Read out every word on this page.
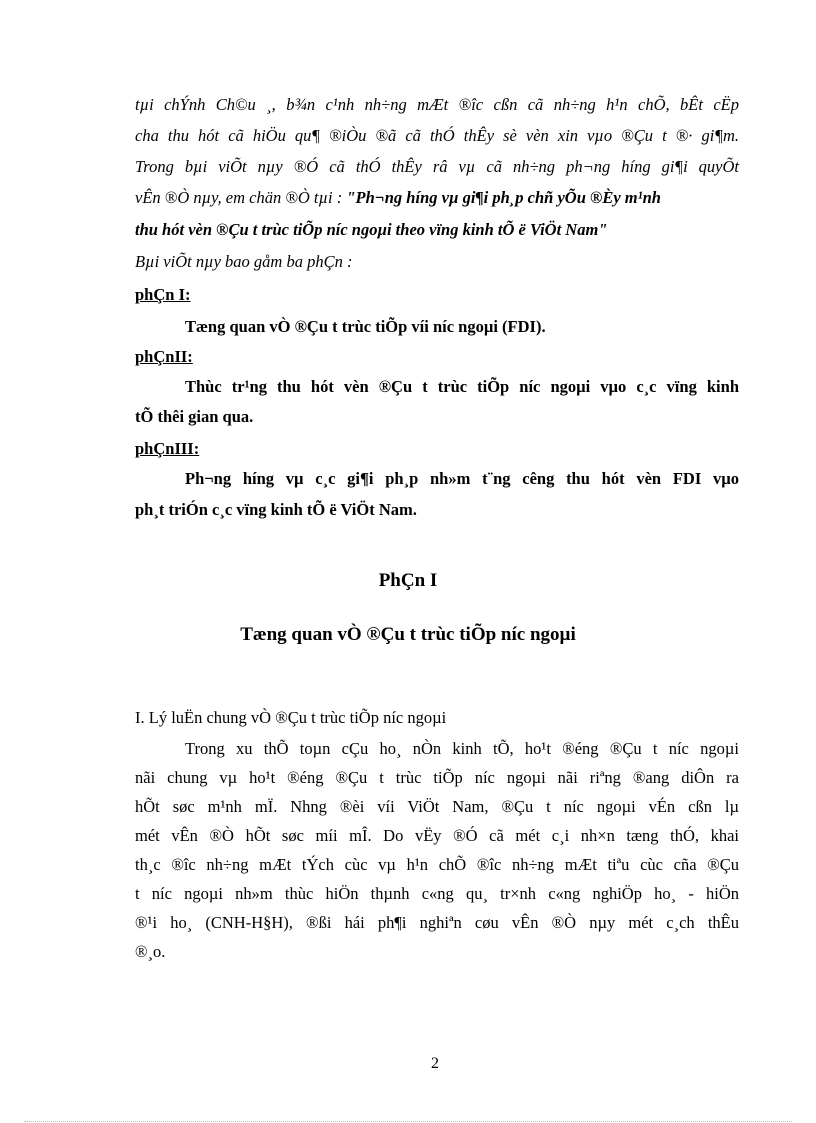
tµi chÝnh Ch©u ¸, b¾n c¹nh nh÷ng mÆt ®îc cßn cã nh÷ng h¹n chÕ, bÊt cËp
cha thu hót cã hiÖu qu¶ ®iÒu ®ã cã thÓ thÊy sè vèn xin vµo ®Çu t ®· gi¶m.
Trong bµi viÕt nµy ®Ó cã thÓ thÊy râ vµ cã nh÷ng ph¬ng híng gi¶i quyÕt
vÊn ®Ò nµy, em chän ®Ò tµi : "Ph¬ng híng vµ gi¶i ph¸p chñ yÕu ®Èy m¹nh
thu hót vèn ®Çu t trùc tiÕp níc ngoµi theo vïng kinh tÕ ë ViÖt Nam"
Bµi viÕt nµy bao gåm ba phÇn :
phÇn I:
Tæng quan vÒ ®Çu t trùc tiÕp víi níc ngoµi (FDI).
phÇnII:
Thùc tr¹ng thu hót vèn ®Çu t trùc tiÕp níc ngoµi vµo c¸c vïng kinh
tÕ thêi gian qua.
phÇnIII:
Ph¬ng híng vµ c¸c gi¶i ph¸p nh»m t¨ng cêng thu hót vèn FDI vµo
ph¸t triÓn c¸c vïng kinh tÕ ë ViÖt Nam.
PhÇn I
Tæng quan vÒ ®Çu t trùc tiÕp níc ngoµi
I. Lý luËn chung vÒ ®Çu t trùc tiÕp níc ngoµi
Trong xu thÕ toµn cÇu ho¸ nÒn kinh tÕ, ho¹t ®éng ®Çu t níc ngoµi
nãi chung vµ ho¹t ®éng ®Çu t trùc tiÕp níc ngoµi nãi riªng ®ang diÔn ra
hÕt søc m¹nh mÏ. Nhng ®èi víi ViÖt Nam, ®Çu t níc ngoµi vÉn cßn lµ
mét vÊn ®Ò hÕt søc míi mÎ. Do vËy ®Ó cã mét c¸i nh×n tæng thÓ, khai
th¸c ®îc nh÷ng mÆt tÝch cùc vµ h¹n chÕ ®îc nh÷ng mÆt tiªu cùc cña ®Çu
t níc ngoµi nh»m thùc hiÖn thµnh c«ng qu¸ tr×nh c«ng nghiÖp ho¸ - hiÖn
®¹i ho¸ (CNH-H§H), ®ßi hái ph¶i nghiªn cøu vÊn ®Ò nµy mét c¸ch thÊu
®¸o.
2
